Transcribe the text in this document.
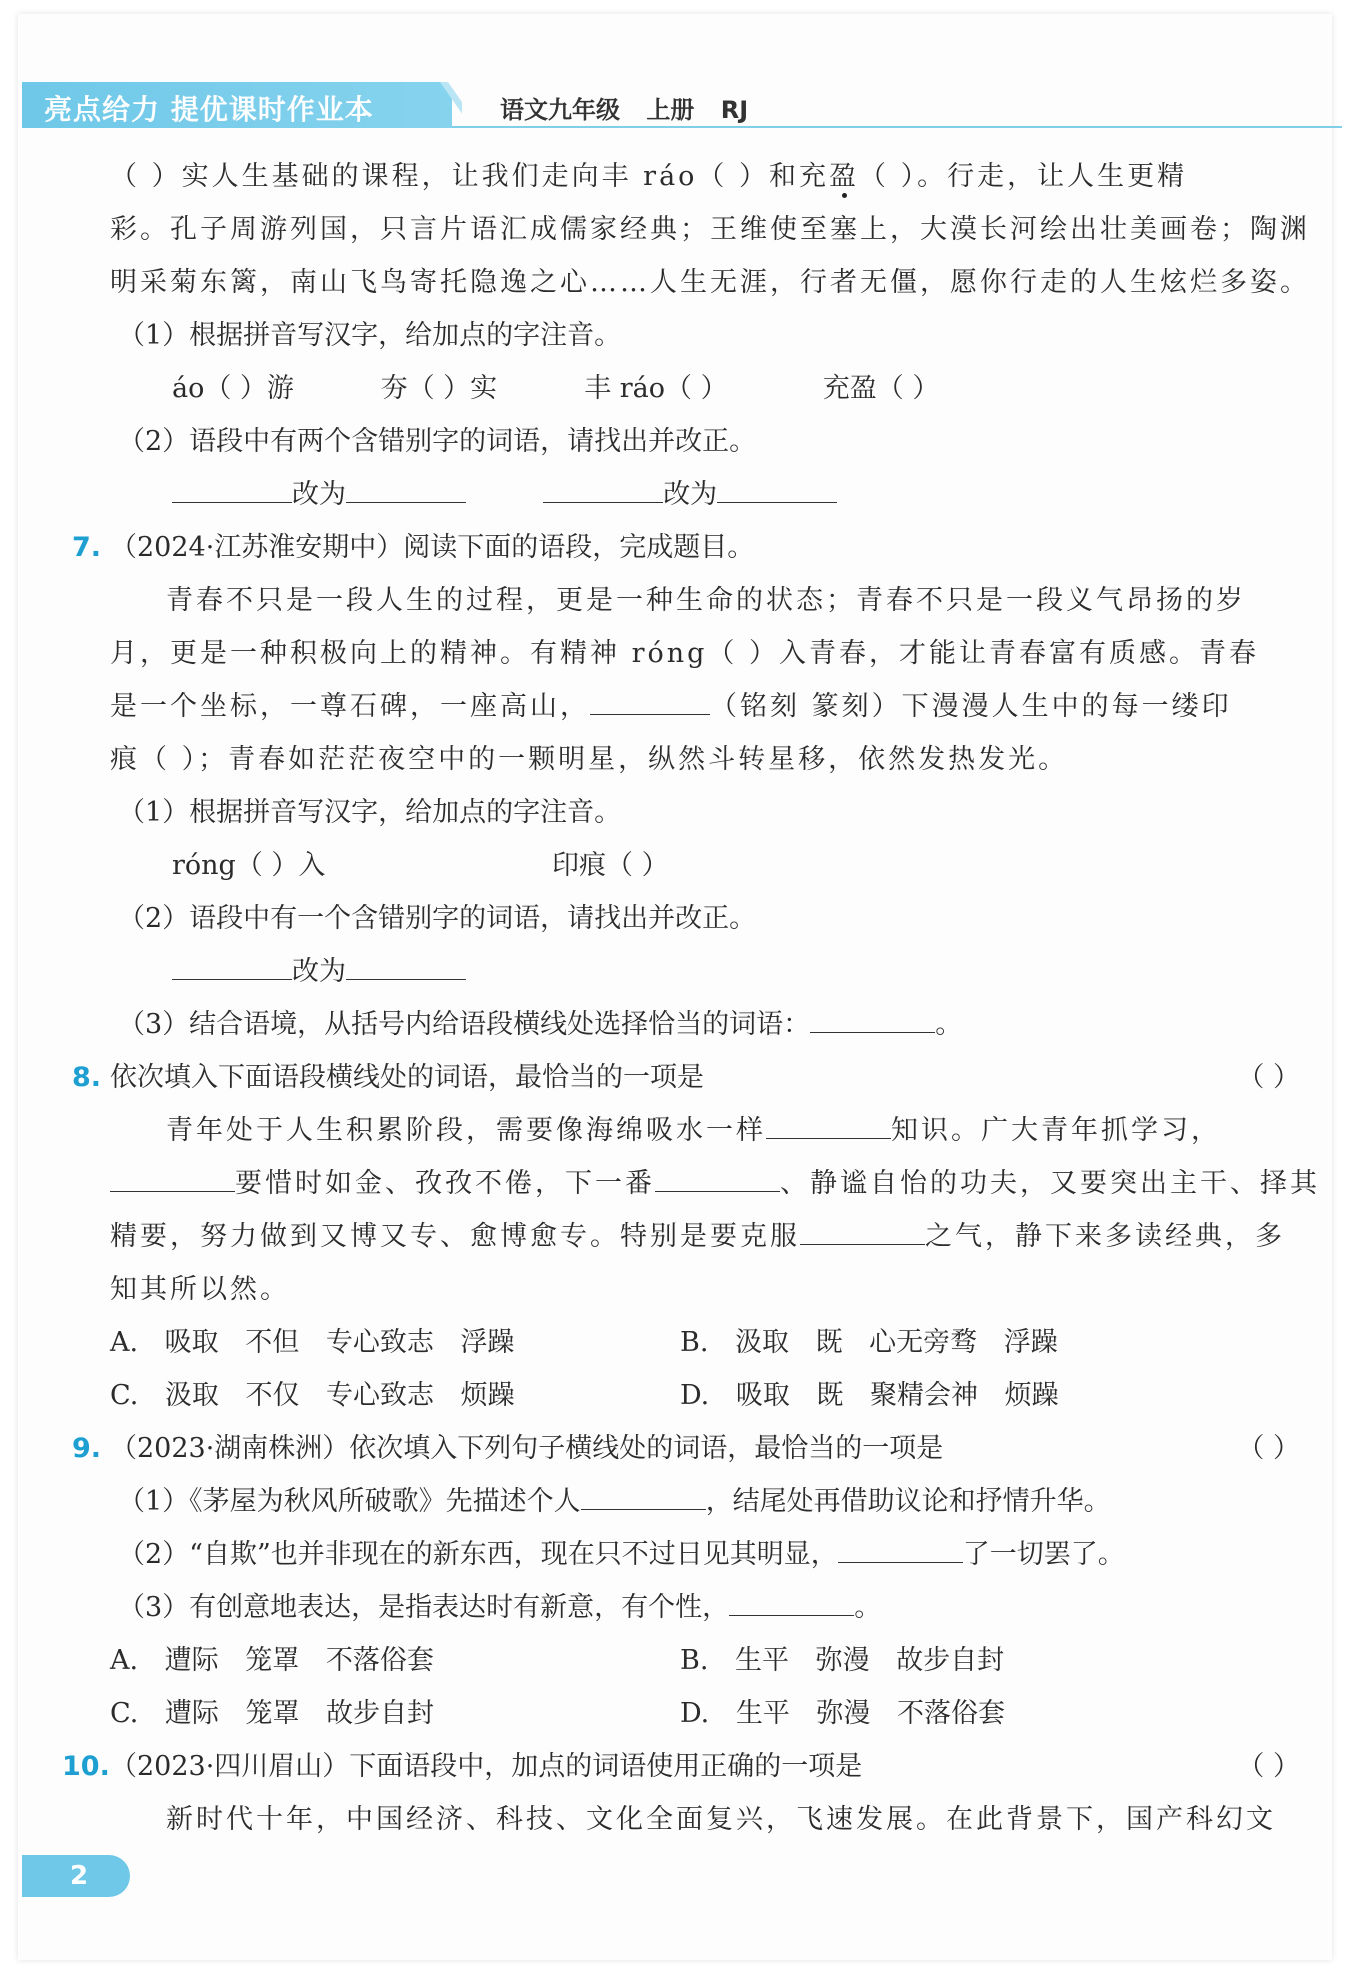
亮点给力 提优课时作业本	语文九年级 上册 RJ
（ ）实人生基础的课程，让我们走向丰 ráo（ ）和充盈（ ）。行走，让人生更精
彩。孔子周游列国，只言片语汇成儒家经典；王维使至塞上，大漠长河绘出壮美画卷；陶渊
明采菊东篱，南山飞鸟寄托隐逸之心……人生无涯，行者无僵，愿你行走的人生炫烂多姿。
（1）根据拼音写汉字，给加点的字注音。
áo（ ）游	夯（ ）实	丰 ráo（ ）	充盈（ ）
（2）语段中有两个含错别字的词语，请找出并改正。
改为	改为
7. （2024·江苏淮安期中）阅读下面的语段，完成题目。
青春不只是一段人生的过程，更是一种生命的状态；青春不只是一段义气昂扬的岁
月，更是一种积极向上的精神。有精神 róng（ ）入青春，才能让青春富有质感。青春
是一个坐标，一尊石碑，一座高山，	（铭刻 篆刻）下漫漫人生中的每一缕印
痕（ ）；青春如茫茫夜空中的一颗明星，纵然斗转星移，依然发热发光。
（1）根据拼音写汉字，给加点的字注音。
róng（ ）入	印痕（ ）
（2）语段中有一个含错别字的词语，请找出并改正。
改为
（3）结合语境，从括号内给语段横线处选择恰当的词语：	。
8. 依次填入下面语段横线处的词语，最恰当的一项是	（ ）
青年处于人生积累阶段，需要像海绵吸水一样	知识。广大青年抓学习，
要惜时如金、孜孜不倦，下一番	、静谧自怡的功夫，又要突出主干、择其
精要，努力做到又博又专、愈博愈专。特别是要克服	之气，静下来多读经典，多
知其所以然。
A. 吸取 不但 专心致志 浮躁	B. 汲取 既 心无旁骛 浮躁
C. 汲取 不仅 专心致志 烦躁	D. 吸取 既 聚精会神 烦躁
9. （2023·湖南株洲）依次填入下列句子横线处的词语，最恰当的一项是	（ ）
（1）《茅屋为秋风所破歌》先描述个人	，结尾处再借助议论和抒情升华。
（2）“自欺”也并非现在的新东西，现在只不过日见其明显，	了一切罢了。
（3）有创意地表达，是指表达时有新意，有个性，	。
A. 遭际 笼罩 不落俗套	B. 生平 弥漫 故步自封
C. 遭际 笼罩 故步自封	D. 生平 弥漫 不落俗套
10. （2023·四川眉山）下面语段中，加点的词语使用正确的一项是	（ ）
新时代十年，中国经济、科技、文化全面复兴，飞速发展。在此背景下，国产科幻文
2
